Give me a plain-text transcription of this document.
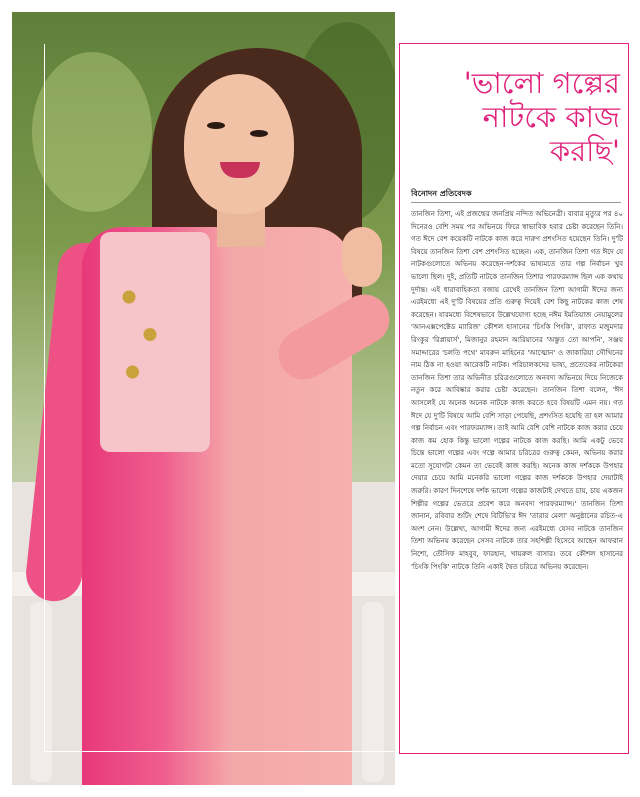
'ভালো গল্পের নাটকে কাজ করছি'

বিনোদন প্রতিবেদক

তানজিন তিশা, এই প্রজন্মের জনপ্রিয় নন্দিত অভিনেত্রী। বাবার মৃত্যুর পর ৪০ দিনেরও বেশি সময় পর অভিনয়ে ফিরে স্বাভাবিক হবার চেষ্টা করেছেন তিনি। গত ঈদে বেশ কয়েকটি নাটকে কাজ করে দারুণ প্রশংসিত হয়েছেন তিনি। দু'টি বিষয়ে তানজিন তিশা বেশ প্রশংসিত হচ্ছেন। এক, তানজিন তিশা গত ঈদে যে নাটকগুলোতে অভিনয় করেছেন-দর্শকের ভাষ্যমতে তার গল্প নির্বাচন খুব ভালো ছিল। দুই, প্রতিটি নাটকে তানজিন তিশার পারফরম্যান্স ছিল এক কথায় দুর্দান্ত। এই ধারাবাহিকতা বজায় রেখেই তানজিন তিশা আগামী ঈদের জন্য এরইমধ্যে এই দু'টি বিষয়ের প্রতি গুরুত্ব দিয়েই বেশ কিছু নাটকের কাজ শেষ করেছেন। যারমধ্যে বিশেষভাবে উল্লেখযোগ্য হচ্ছে নঈম ইমতিয়াজ নেয়ামুলের 'আনএক্সপেক্টেড ম্যারিজ' কৌশল হাসানের 'চিংকি পিংকি', রাফাত মজুমদার রিংকুর 'রিপ্লায়ার্স', মিজানুর রহমান আরিয়ানের 'অস্তুত তো আপনি', সঞ্জয় সমাদ্দারের 'চলতি পথে' মাবরুন মাহিনের 'আত্মোন' ও জাকারিয়া সৌখিনের নাম ঠিক না হওয়া আরেকটি নাটক। পরিচালকদের ভাষ্য, প্রত্যেকের নাটকেরা তানজিন তিশা তার অভিনীত চরিত্রগুলোতে অনবদ্য অভিনয়ে দিয়ে নিজেকে নতুন করে আবিষ্কার করার চেষ্টা করেছেন। তানজিন তিশা বলেন, 'ঈদ আসলেই যে অনেক অনেক নাটকে কাজ করতে হবে বিষয়টি এমন নয়। গত ঈদে যে দু'টি বিষয়ে আমি বেশি সাড়া পেয়েছি, প্রশংসিত হয়েছি তা হল আমার গল্প নির্বাচন এবং পারফরম্যান্স। তাই আমি বেশি বেশি নাটকে কাজ করার চেয়ে কাজ কম হোক কিন্তু ভালো গল্পের নাটকে কাজ করছি। আমি একটু ভেবে চিন্তে ভালো গল্পের এবং গল্পে আমার চরিত্রের গুরুত্ব কেমন, অভিনয় করার মতো সুযোগটা কেমন তা ভেবেই কাজ করছি। অনেক কাজ দর্শককে উপহার দেয়ার চেয়ে আমি মনেকরি ভালো গল্পের কাজ দর্শককে উপহার দেয়াটাই জরুরি। কারণ দিনশেষে দর্শক ভালো গল্পের কাজটাই দেখতে চায়, চায় একজন শিল্পীর গল্পের ভেতরে প্রবেশ করে অনবদ্য পারফরম্যান্স।' তানজিন তিশা জানান, রবিবার শুটিং শেষে বিটিভি'র ঈদ 'তারার মেলা' অনুষ্ঠানের রচিত-এ অংশ নেন। উল্লেখ্য, আগামী ঈদের জন্য এরইমধ্যে যেসব নাটকে তানজিন তিশা অভিনয় করেছেন সেসব নাটকে তার সহশিল্পী হিসেবে আছেন আফরান নিশো, তৌসিফ মাহবুব, ফারহান, খায়রুল বাসার। তবে কৌশল হাসানের 'চিংকি পিংকি' নাটকে তিনি একাই দ্বৈত চরিত্রে অভিনয় করেছেন।
